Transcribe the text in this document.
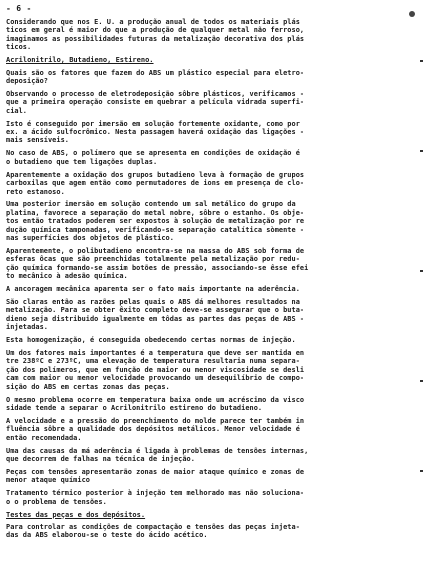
- 6 -
Considerando que nos E. U. a produção anual de todos os materiais plás
ticos em geral é maior do que a produção de qualquer metal não ferroso,
imaginamos as possibilidades futuras da metalização decorativa dos plás
ticos.
Acrilonitrilo, Butadieno, Estireno.
Quais são os fatores que fazem do ABS um plástico especial para eletro-
deposição?
Observando o processo de eletrodeposição sôbre plásticos, verificamos -
que a primeira operação consiste em quebrar a película vidrada superfi-
cial.
Isto é conseguido por imersão em solução fortemente oxidante, como por
ex. a ácido sulfocrômico. Nesta passagem haverá oxidação das ligações -
mais sensíveis.
No caso de ABS, o polímero que se apresenta em condições de oxidação é
o butadieno que tem ligações duplas.
Aparentemente a oxidação dos grupos butadieno leva à formação de grupos
carboxilas que agem então como permutadores de ions em presença de clo-
reto estanoso.
Uma posterior imersão em solução contendo um sal metálico do grupo da
platina, favorece a separação do metal nobre, sôbre o estanho. Os obje-
tos então tratados poderem ser expostos à solução de metalização por re
dução química tamponadas, verificando-se separação catalítica sòmente -
nas superfícies dos objetos de plástico.
Aparentemente, o polibutadieno encontra-se na massa do ABS sob forma de
esferas ôcas que são preenchidas totalmente pela metalização por redu-
ção química formando-se assim botões de pressão, associando-se êsse efei
to mecânico à adesão química.
A ancoragem mecânica aparenta ser o fato mais importante na aderência.
São claras então as razões pelas quais o ABS dá melhores resultados na
metalização. Para se obter êxito completo deve-se assegurar que o buta-
dieno seja distribuido igualmente em tôdas as partes das peças de ABS -
injetadas.
Esta homogenização, é conseguida obedecendo certas normas de injeção.
Um dos fatores mais importantes é a temperatura que deve ser mantida en
tre 238ºC e 273ºC, uma elevação de temperatura resultaria numa separa-
ção dos polímeros, que em função de maior ou menor viscosidade se desli
cam com maior ou menor velocidade provocando um desequilíbrio de compo-
sição do ABS em certas zonas das peças.
O mesmo problema ocorre em temperatura baixa onde um acréscimo da visco
sidade tende a separar o Acrilonitrilo estireno do butadieno.
A velocidade e a pressão do preenchimento do molde parece ter também in
fluência sôbre a qualidade dos depósitos metálicos. Menor velocidade é
então recomendada.
Uma das causas da má aderência é ligada à problemas de tensões internas,
que decorrem de falhas na técnica de injeção.
Peças com tensões apresentarão zonas de maior ataque químico e zonas de
menor ataque químico
Tratamento térmico posterior à injeção tem melhorado mas não soluciona-
o o problema de tensões.
Testes das peças e dos depósitos.
Para controlar as condições de compactação e tensões das peças injeta-
das da ABS elaborou-se o teste do ácido acético.
